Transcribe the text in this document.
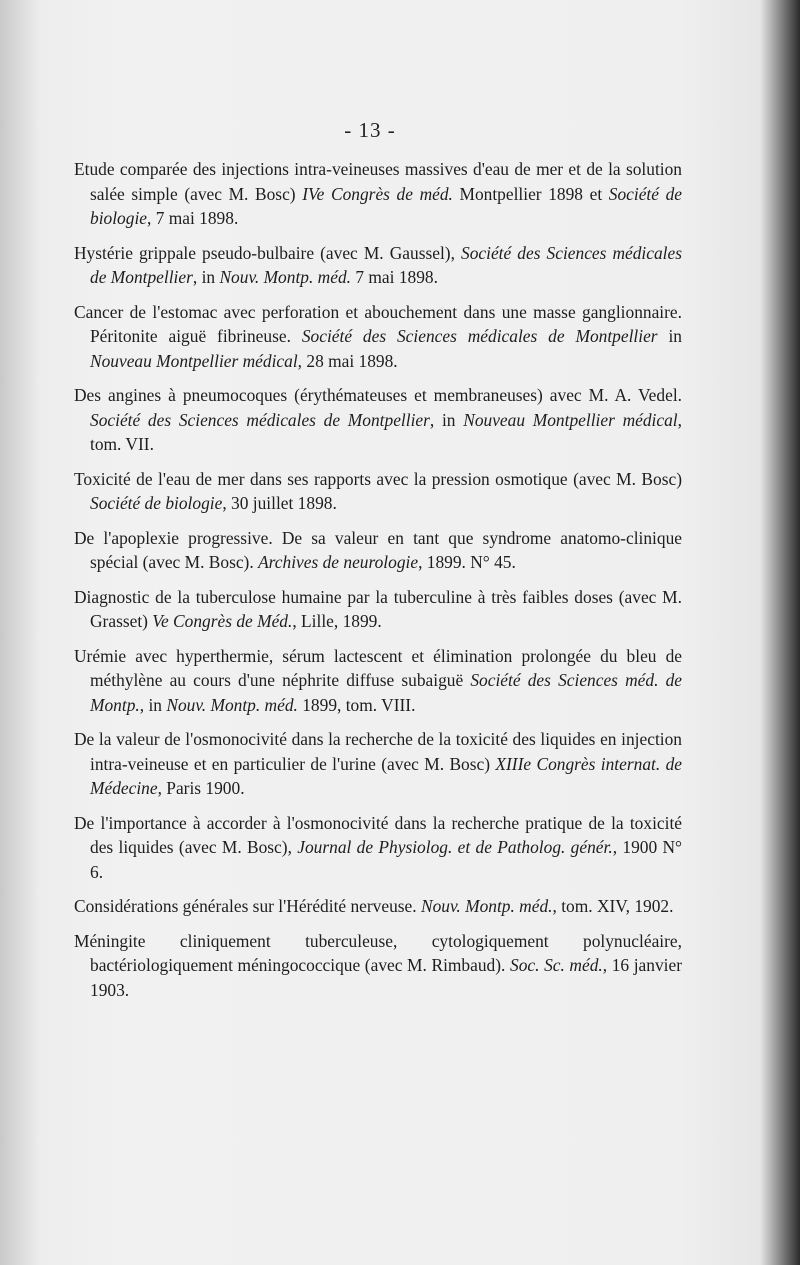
- 13 -

Etude comparée des injections intra-veineuses massives d'eau de mer et de la solution salée simple (avec M. Bosc) IVe Congrès de méd. Montpellier 1898 et Société de biologie, 7 mai 1898.

Hystérie grippale pseudo-bulbaire (avec M. Gaussel), Société des Sciences médicales de Montpellier, in Nouv. Montp. méd. 7 mai 1898.

Cancer de l'estomac avec perforation et abouchement dans une masse ganglionnaire. Péritonite aiguë fibrineuse. Société des Sciences médicales de Montpellier in Nouveau Montpellier médical, 28 mai 1898.

Des angines à pneumocoques (érythémateuses et membraneuses) avec M. A. Vedel. Société des Sciences médicales de Montpellier, in Nouveau Montpellier médical, tom. VII.

Toxicité de l'eau de mer dans ses rapports avec la pression osmotique (avec M. Bosc) Société de biologie, 30 juillet 1898.

De l'apoplexie progressive. De sa valeur en tant que syndrome anatomo-clinique spécial (avec M. Bosc). Archives de neurologie, 1899. N° 45.

Diagnostic de la tuberculose humaine par la tuberculine à très faibles doses (avec M. Grasset) Ve Congrès de Méd., Lille, 1899.

Urémie avec hyperthermie, sérum lactescent et élimination prolongée du bleu de méthylène au cours d'une néphrite diffuse subaiguë Société des Sciences méd. de Montp., in Nouv. Montp. méd. 1899, tom. VIII.

De la valeur de l'osmonocivité dans la recherche de la toxicité des liquides en injection intra-veineuse et en particulier de l'urine (avec M. Bosc) XIIIe Congrès internat. de Médecine, Paris 1900.

De l'importance à accorder à l'osmonocivité dans la recherche pratique de la toxicité des liquides (avec M. Bosc), Journal de Physiolog. et de Patholog. génér., 1900 N° 6.

Considérations générales sur l'Hérédité nerveuse. Nouv. Montp. méd., tom. XIV, 1902.

Méningite cliniquement tuberculeuse, cytologiquement polynucléaire, bactériologiquement méningococcique (avec M. Rimbaud). Soc. Sc. méd., 16 janvier 1903.
